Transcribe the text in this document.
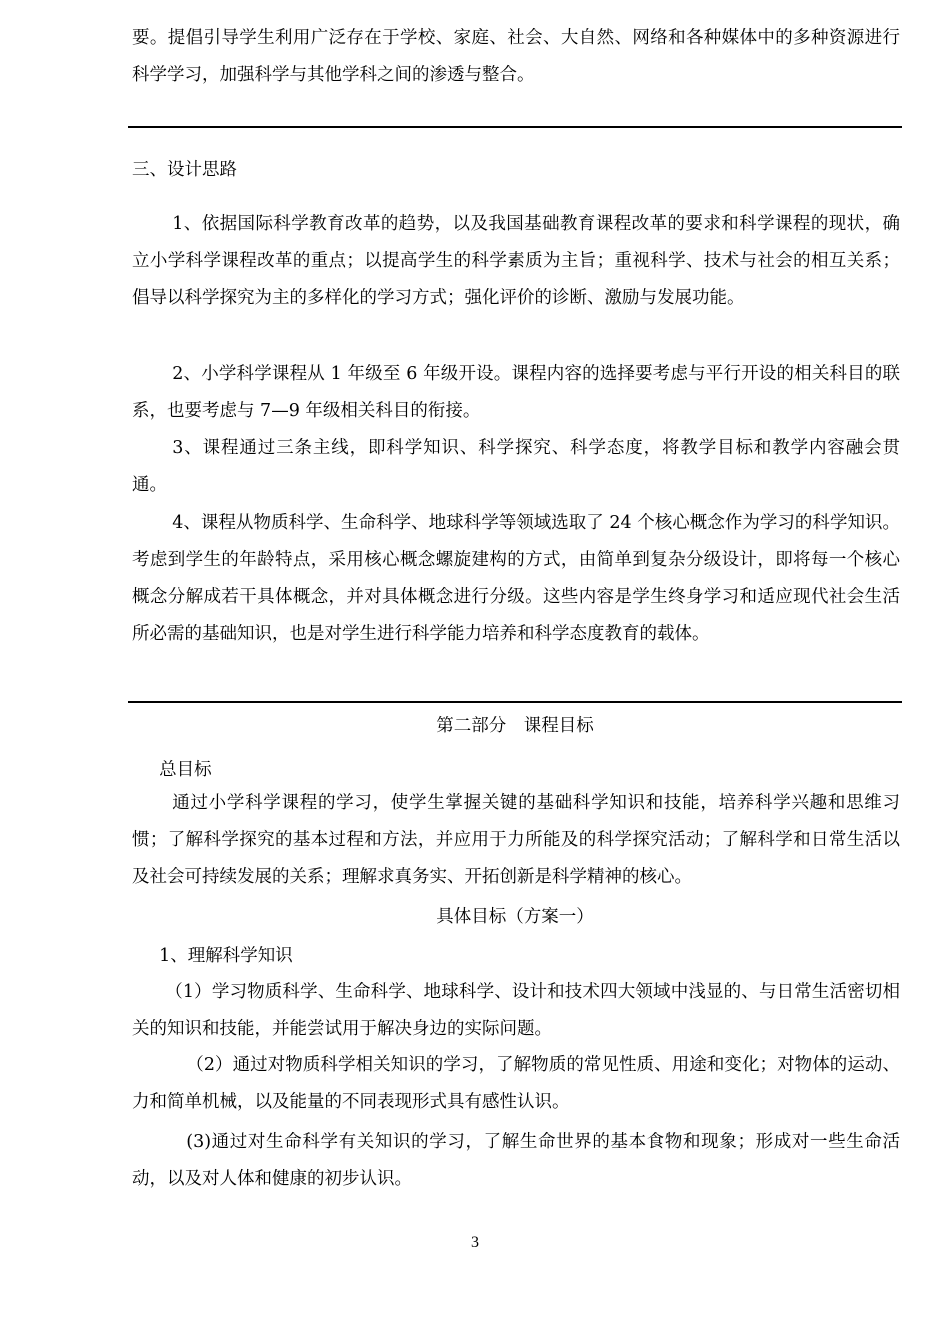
要。提倡引导学生利用广泛存在于学校、家庭、社会、大自然、网络和各种媒体中的多种资源进行科学学习，加强科学与其他学科之间的渗透与整合。

三、设计思路

1、依据国际科学教育改革的趋势，以及我国基础教育课程改革的要求和科学课程的现状，确立小学科学课程改革的重点；以提高学生的科学素质为主旨；重视科学、技术与社会的相互关系；倡导以科学探究为主的多样化的学习方式；强化评价的诊断、激励与发展功能。

2、小学科学课程从 1 年级至 6 年级开设。课程内容的选择要考虑与平行开设的相关科目的联系，也要考虑与 7—9 年级相关科目的衔接。

3、课程通过三条主线，即科学知识、科学探究、科学态度，将教学目标和教学内容融会贯通。

4、课程从物质科学、生命科学、地球科学等领域选取了 24 个核心概念作为学习的科学知识。考虑到学生的年龄特点，采用核心概念螺旋建构的方式，由简单到复杂分级设计，即将每一个核心概念分解成若干具体概念，并对具体概念进行分级。这些内容是学生终身学习和适应现代社会生活所必需的基础知识，也是对学生进行科学能力培养和科学态度教育的载体。

第二部分　课程目标

总目标

通过小学科学课程的学习，使学生掌握关键的基础科学知识和技能，培养科学兴趣和思维习惯；了解科学探究的基本过程和方法，并应用于力所能及的科学探究活动；了解科学和日常生活以及社会可持续发展的关系；理解求真务实、开拓创新是科学精神的核心。

具体目标（方案一）

1、理解科学知识

（1）学习物质科学、生命科学、地球科学、设计和技术四大领域中浅显的、与日常生活密切相关的知识和技能，并能尝试用于解决身边的实际问题。

（2）通过对物质科学相关知识的学习，了解物质的常见性质、用途和变化；对物体的运动、力和简单机械，以及能量的不同表现形式具有感性认识。

(3)通过对生命科学有关知识的学习，了解生命世界的基本食物和现象；形成对一些生命活动，以及对人体和健康的初步认识。

3
